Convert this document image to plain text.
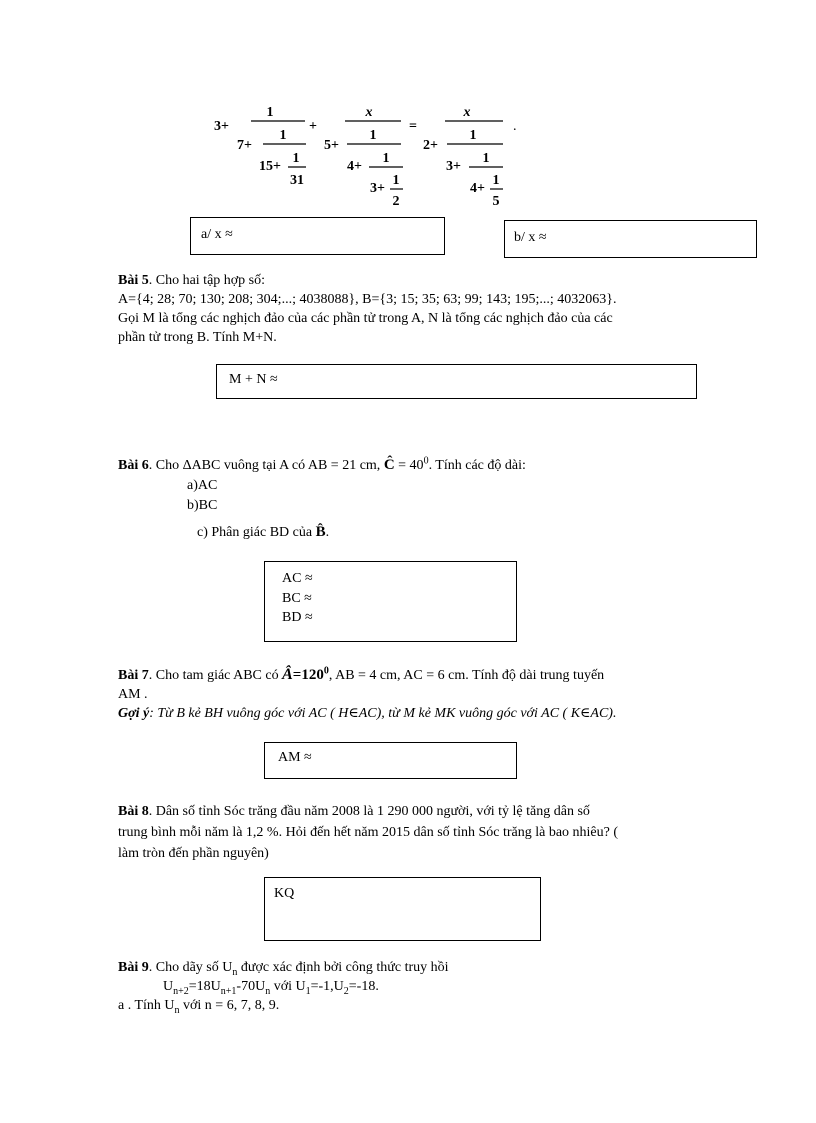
3+
1
7+
1
15+
1
31
+
x
5+
1
4+
1
3+
1
2
=
x
2+
1
3+
1
4+
1
5
.
a/ x ≈	b/ x ≈
Bài 5. Cho hai tập hợp số:
A={4; 28; 70; 130; 208; 304;...; 4038088}, B={3; 15; 35; 63; 99; 143; 195;...; 4032063}.
Gọi M là tổng các nghịch đảo của các phần tử trong A, N là tổng các nghịch đảo của các
phần tử trong B. Tính M+N.
M + N ≈
Bài 6. Cho ΔABC vuông tại A có AB = 21 cm, Ĉ = $40^0$. Tính các độ dài:
a)AC
b)BC
c) Phân giác BD của B̂.
AC ≈
BC ≈
BD ≈
Bài 7. Cho tam giác ABC có $Â=120^0$, AB = 4 cm, AC = 6 cm. Tính độ dài trung tuyến
AM .
Gợi ý: Từ B kẻ BH vuông góc với AC ( H∈AC), từ M kẻ MK vuông góc với AC ( K∈AC).
AM ≈
Bài 8. Dân số tỉnh Sóc trăng đầu năm 2008 là 1 290 000 người, với tỷ lệ tăng dân số
trung bình mỗi năm là 1,2 %. Hỏi đến hết năm 2015 dân số tỉnh Sóc trăng là bao nhiêu? (
làm tròn đến phần nguyên)
KQ
Bài 9. Cho dãy số $U_n$ được xác định bởi công thức truy hồi
$U_{n+2}=18U_{n+1}-70U_n$ với $U_1=-1,U_2=-18$.
a . Tính $U_n$ với n = 6, 7, 8, 9.
